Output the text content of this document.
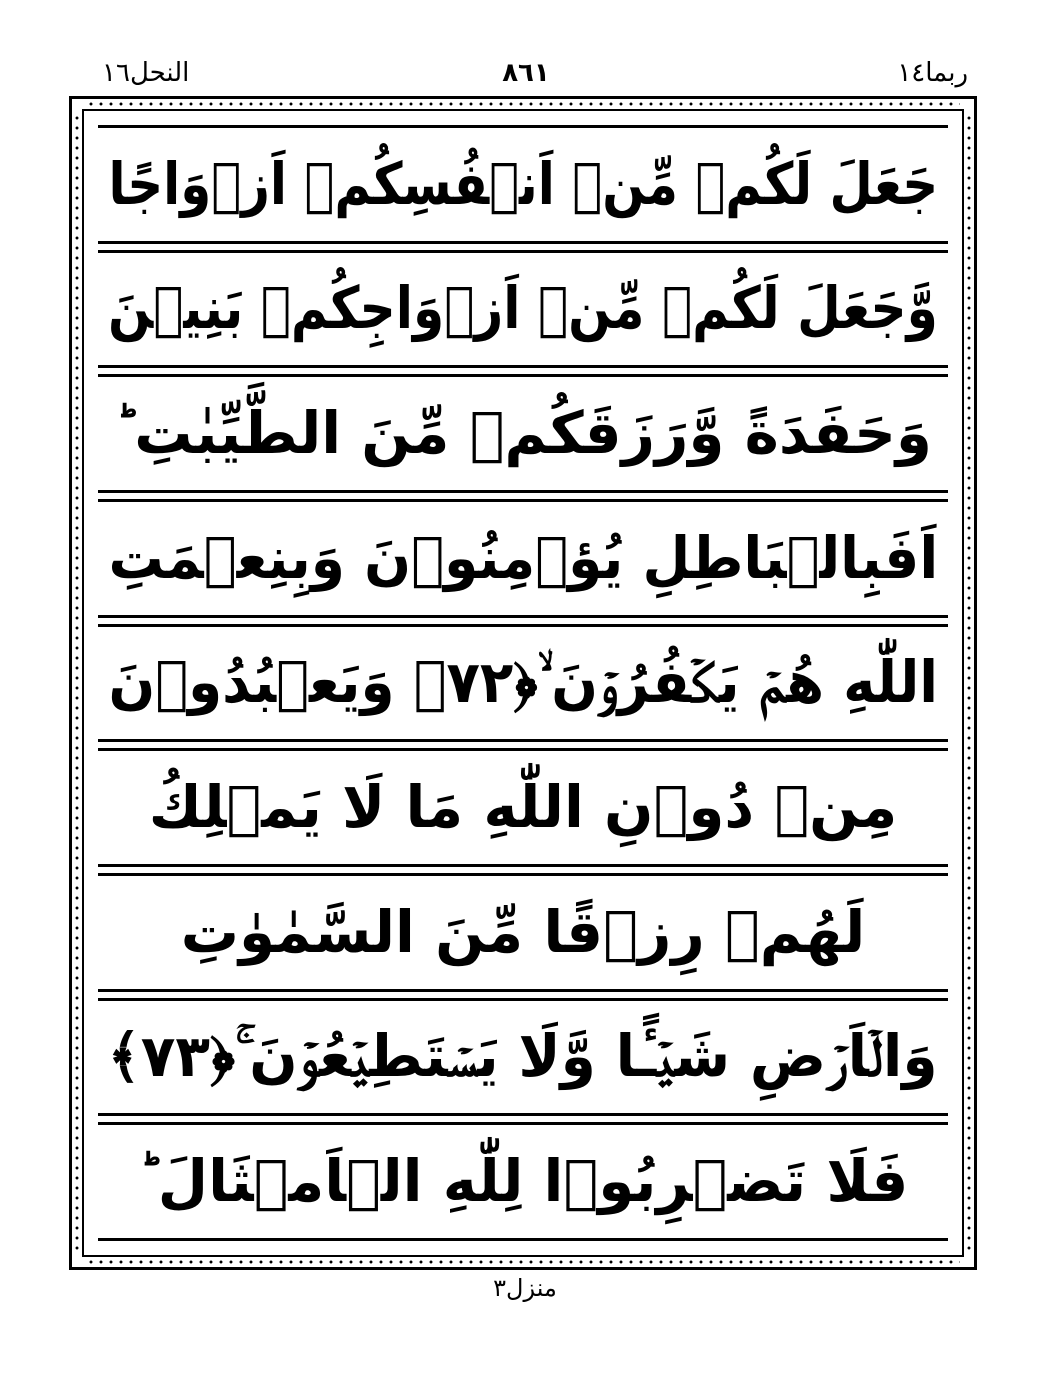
النحل١٦	٨٦١	ربما١٤
جَعَلَ لَكُمۡ مِّنۡ اَنۡفُسِكُمۡ اَزۡوَاجًا
وَّجَعَلَ لَكُمۡ مِّنۡ اَزۡوَاجِكُمۡ بَنِيۡنَ
وَحَفَدَةً وَّرَزَقَكُمۡ مِّنَ الطَّيِّبٰتِ ؕ
اَفَبِالۡبَاطِلِ يُؤۡمِنُوۡنَ وَبِنِعۡمَتِ
اللّٰهِ هُمۡ يَكۡفُرُوۡنَ ۙ﴿۷۲﴾ وَيَعۡبُدُوۡنَ
مِنۡ دُوۡنِ اللّٰهِ مَا لَا يَمۡلِكُ
لَهُمۡ رِزۡقًا مِّنَ السَّمٰوٰتِ
وَالۡاَرۡضِ شَيۡـًٔا وَّلَا يَسۡتَطِيۡعُوۡنَ ۚ﴿۷۳﴾
فَلَا تَضۡرِبُوۡا لِلّٰهِ الۡاَمۡثَالَ ؕ
منزل٣
